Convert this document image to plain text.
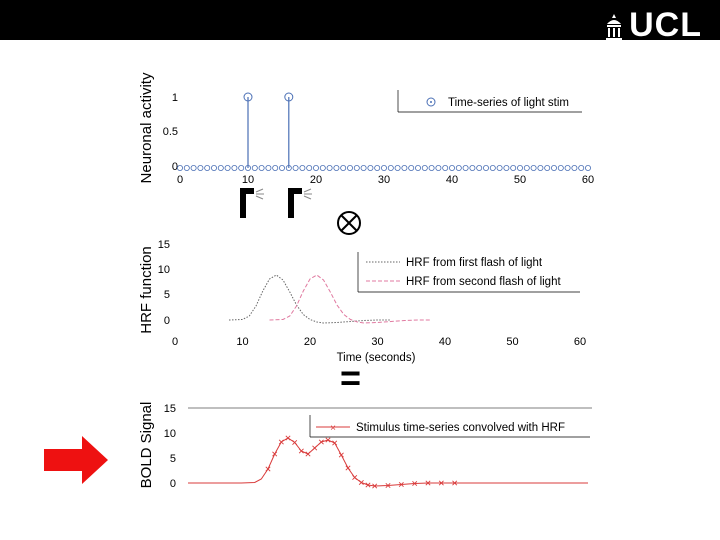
UCL
Neuronal activity 1
0.5
0
0	10	20	30	40	50	60
Time-series of light stim
HRF function
15
10
5
0
0	10	20	30	40	50	60
Time (seconds)
HRF from first flash of light
HRF from second flash of light
BOLD Signal 15
10
5
0
× Stimulus time-series convolved with HRF
=
